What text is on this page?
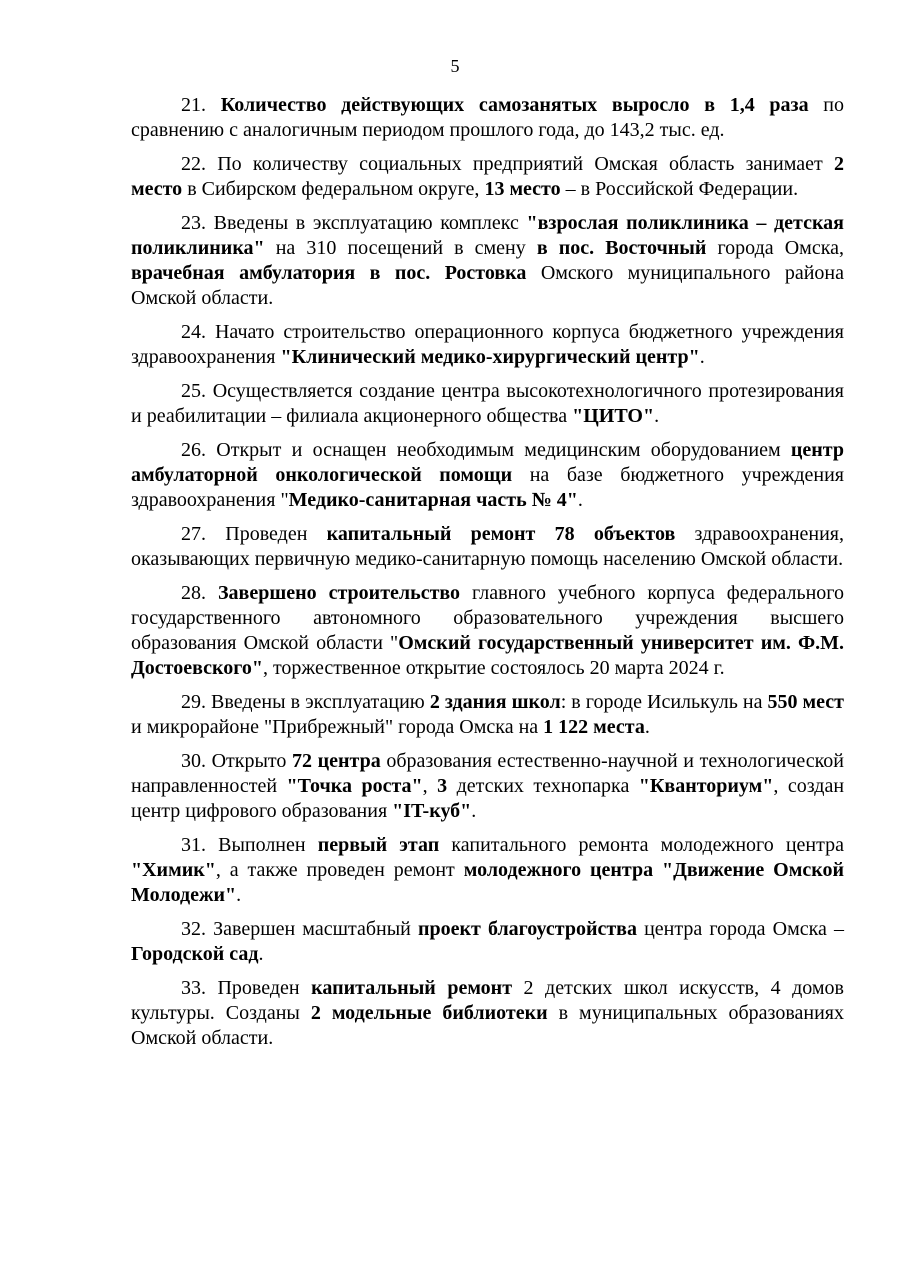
5

21. Количество действующих самозанятых выросло в 1,4 раза по сравнению с аналогичным периодом прошлого года, до 143,2 тыс. ед.

22. По количеству социальных предприятий Омская область занимает 2 место в Сибирском федеральном округе, 13 место – в Российской Федерации.

23. Введены в эксплуатацию комплекс "взрослая поликлиника – детская поликлиника" на 310 посещений в смену в пос. Восточный города Омска, врачебная амбулатория в пос. Ростовка Омского муниципального района Омской области.

24. Начато строительство операционного корпуса бюджетного учреждения здравоохранения "Клинический медико-хирургический центр".

25. Осуществляется создание центра высокотехнологичного протезирования и реабилитации – филиала акционерного общества "ЦИТО".

26. Открыт и оснащен необходимым медицинским оборудованием центр амбулаторной онкологической помощи на базе бюджетного учреждения здравоохранения "Медико-санитарная часть № 4".

27. Проведен капитальный ремонт 78 объектов здравоохранения, оказывающих первичную медико-санитарную помощь населению Омской области.

28. Завершено строительство главного учебного корпуса федерального государственного автономного образовательного учреждения высшего образования Омской области "Омский государственный университет им. Ф.М. Достоевского", торжественное открытие состоялось 20 марта 2024 г.

29. Введены в эксплуатацию 2 здания школ: в городе Исилькуль на 550 мест и микрорайоне "Прибрежный" города Омска на 1 122 места.

30. Открыто 72 центра образования естественно-научной и технологической направленностей "Точка роста", 3 детских технопарка "Кванториум", создан центр цифрового образования "IT-куб".

31. Выполнен первый этап капитального ремонта молодежного центра "Химик", а также проведен ремонт молодежного центра "Движение Омской Молодежи".

32. Завершен масштабный проект благоустройства центра города Омска – Городской сад.

33. Проведен капитальный ремонт 2 детских школ искусств, 4 домов культуры. Созданы 2 модельные библиотеки в муниципальных образованиях Омской области.
